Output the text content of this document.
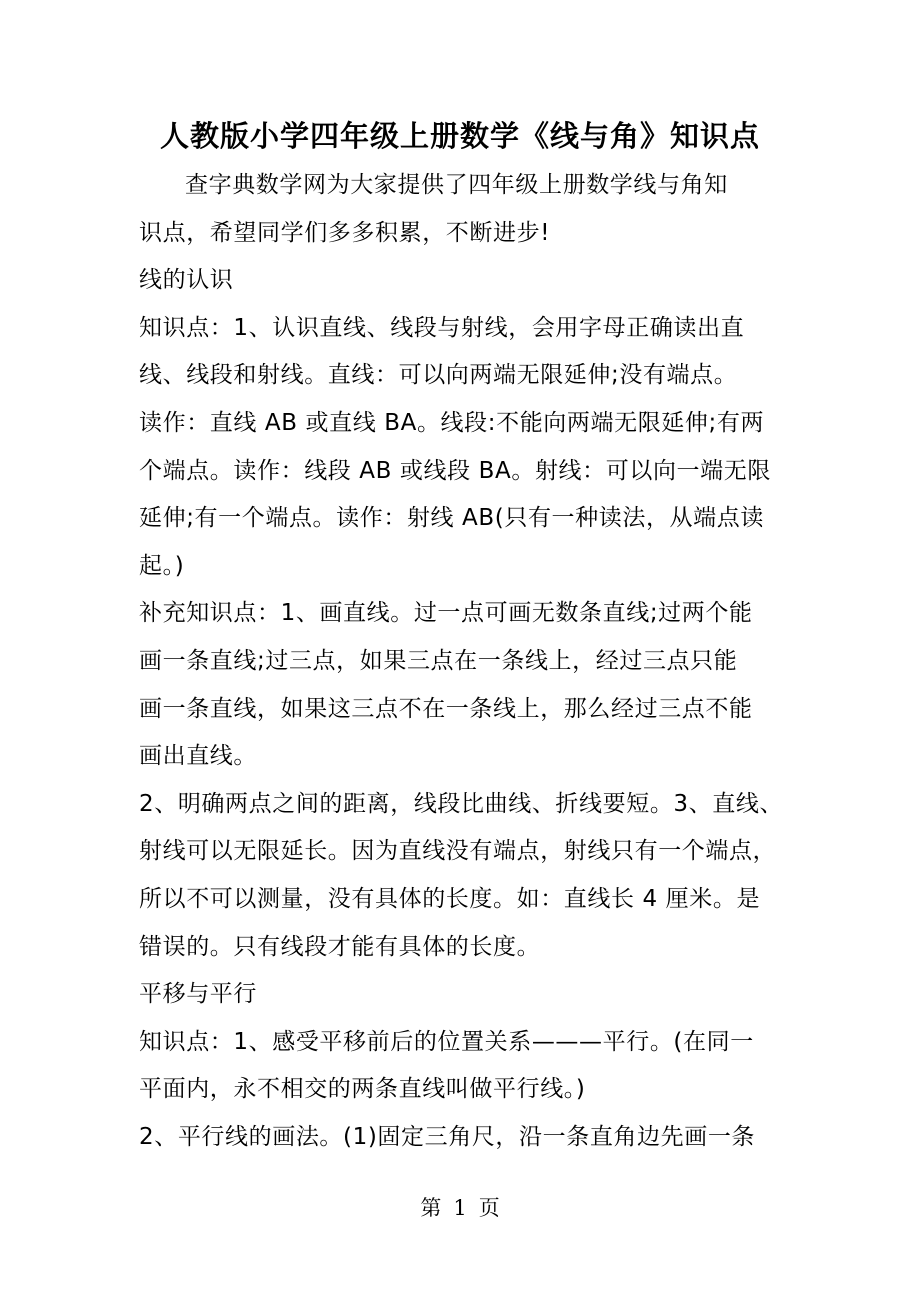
人教版小学四年级上册数学《线与角》知识点
查字典数学网为大家提供了四年级上册数学线与角知
识点，希望同学们多多积累，不断进步!
线的认识
知识点：1、认识直线、线段与射线，会用字母正确读出直
线、线段和射线。直线：可以向两端无限延伸;没有端点。
读作：直线 AB 或直线 BA。线段:不能向两端无限延伸;有两
个端点。读作：线段 AB 或线段 BA。射线：可以向一端无限
延伸;有一个端点。读作：射线 AB(只有一种读法，从端点读
起。)
补充知识点：1、画直线。过一点可画无数条直线;过两个能
画一条直线;过三点，如果三点在一条线上，经过三点只能
画一条直线，如果这三点不在一条线上，那么经过三点不能
画出直线。
2、明确两点之间的距离，线段比曲线、折线要短。3、直线、
射线可以无限延长。因为直线没有端点，射线只有一个端点，
所以不可以测量，没有具体的长度。如：直线长 4 厘米。是
错误的。只有线段才能有具体的长度。
平移与平行
知识点：1、感受平移前后的位置关系———平行。(在同一
平面内，永不相交的两条直线叫做平行线。)
2、平行线的画法。(1)固定三角尺，沿一条直角边先画一条
第 1 页
